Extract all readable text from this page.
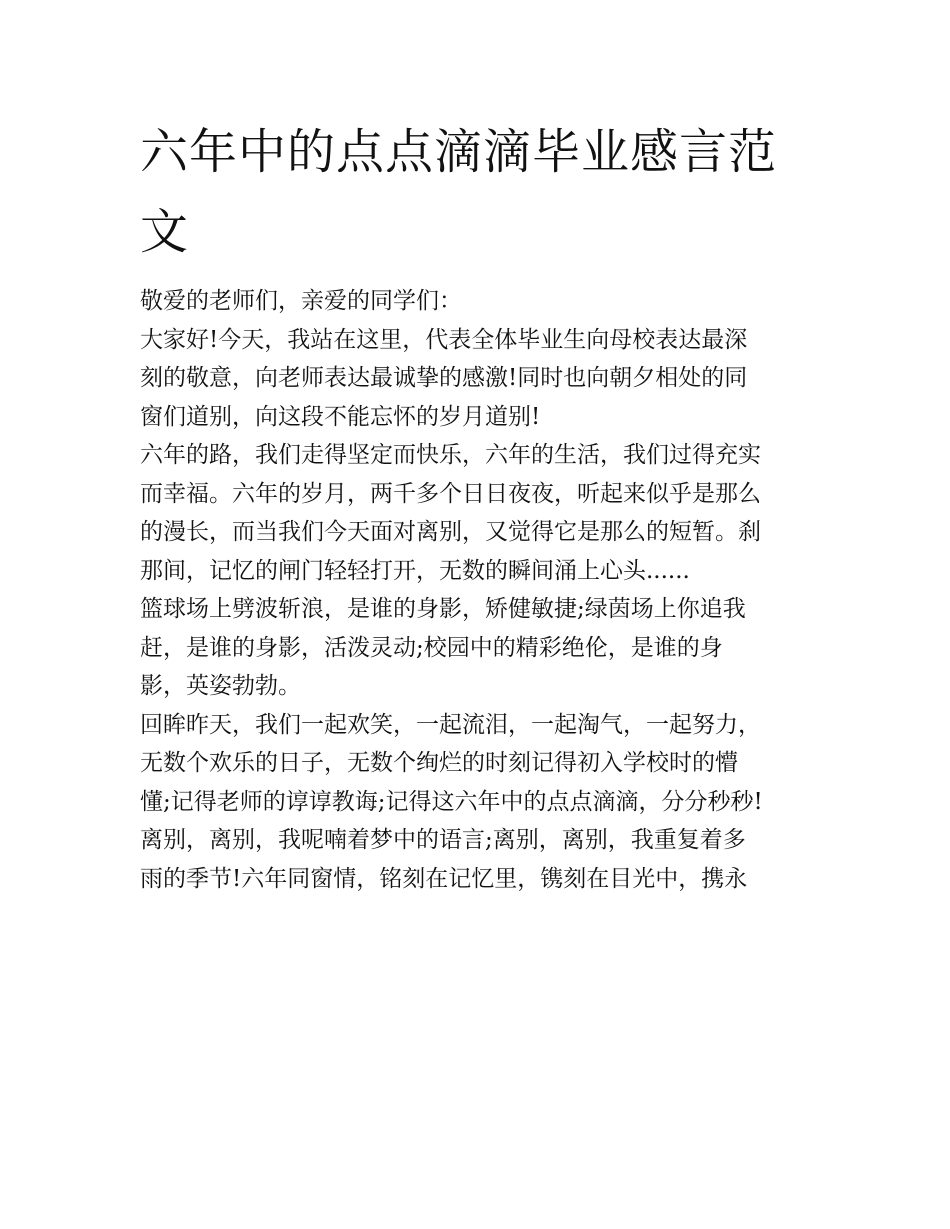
六年中的点点滴滴毕业感言范
文
敬爱的老师们，亲爱的同学们：
大家好!今天，我站在这里，代表全体毕业生向母校表达最深
刻的敬意，向老师表达最诚挚的感激!同时也向朝夕相处的同
窗们道别，向这段不能忘怀的岁月道别!
六年的路，我们走得坚定而快乐，六年的生活，我们过得充实
而幸福。六年的岁月，两千多个日日夜夜，听起来似乎是那么
的漫长，而当我们今天面对离别，又觉得它是那么的短暂。刹
那间，记忆的闸门轻轻打开，无数的瞬间涌上心头......
篮球场上劈波斩浪，是谁的身影，矫健敏捷;绿茵场上你追我
赶，是谁的身影，活泼灵动;校园中的精彩绝伦，是谁的身
影，英姿勃勃。
回眸昨天，我们一起欢笑，一起流泪，一起淘气，一起努力，
无数个欢乐的日子，无数个绚烂的时刻记得初入学校时的懵
懂;记得老师的谆谆教诲;记得这六年中的点点滴滴，分分秒秒!
离别，离别，我呢喃着梦中的语言;离别，离别，我重复着多
雨的季节!六年同窗情，铭刻在记忆里，镌刻在目光中，携永
